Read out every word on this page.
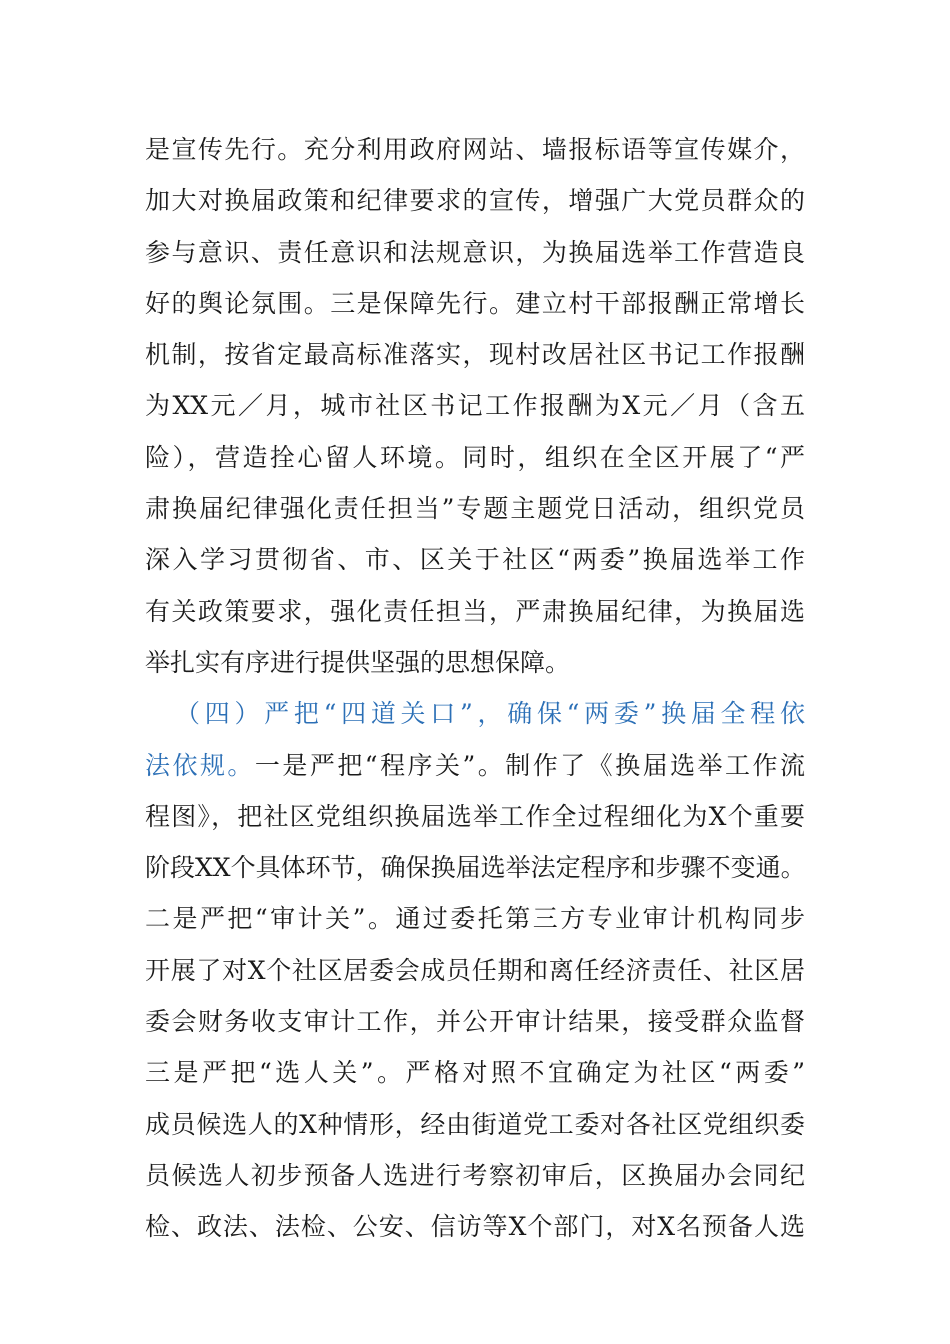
是宣传先行。充分利用政府网站、墙报标语等宣传媒介，
加大对换届政策和纪律要求的宣传，增强广大党员群众的
参与意识、责任意识和法规意识，为换届选举工作营造良
好的舆论氛围。三是保障先行。建立村干部报酬正常增长
机制，按省定最高标准落实，现村改居社区书记工作报酬
为XX元／月，城市社区书记工作报酬为X元／月（含五
险），营造拴心留人环境。同时，组织在全区开展了“严
肃换届纪律强化责任担当”专题主题党日活动，组织党员
深入学习贯彻省、市、区关于社区“两委”换届选举工作
有关政策要求，强化责任担当，严肃换届纪律，为换届选
举扎实有序进行提供坚强的思想保障。
（四）严把“四道关口”，确保“两委”换届全程依
法依规。一是严把“程序关”。制作了《换届选举工作流
程图》，把社区党组织换届选举工作全过程细化为X个重要
阶段XX个具体环节，确保换届选举法定程序和步骤不变通。
二是严把“审计关”。通过委托第三方专业审计机构同步
开展了对X个社区居委会成员任期和离任经济责任、社区居
委会财务收支审计工作，并公开审计结果，接受群众监督
三是严把“选人关”。严格对照不宜确定为社区“两委”
成员候选人的X种情形，经由街道党工委对各社区党组织委
员候选人初步预备人选进行考察初审后，区换届办会同纪
检、政法、法检、公安、信访等X个部门，对X名预备人选
